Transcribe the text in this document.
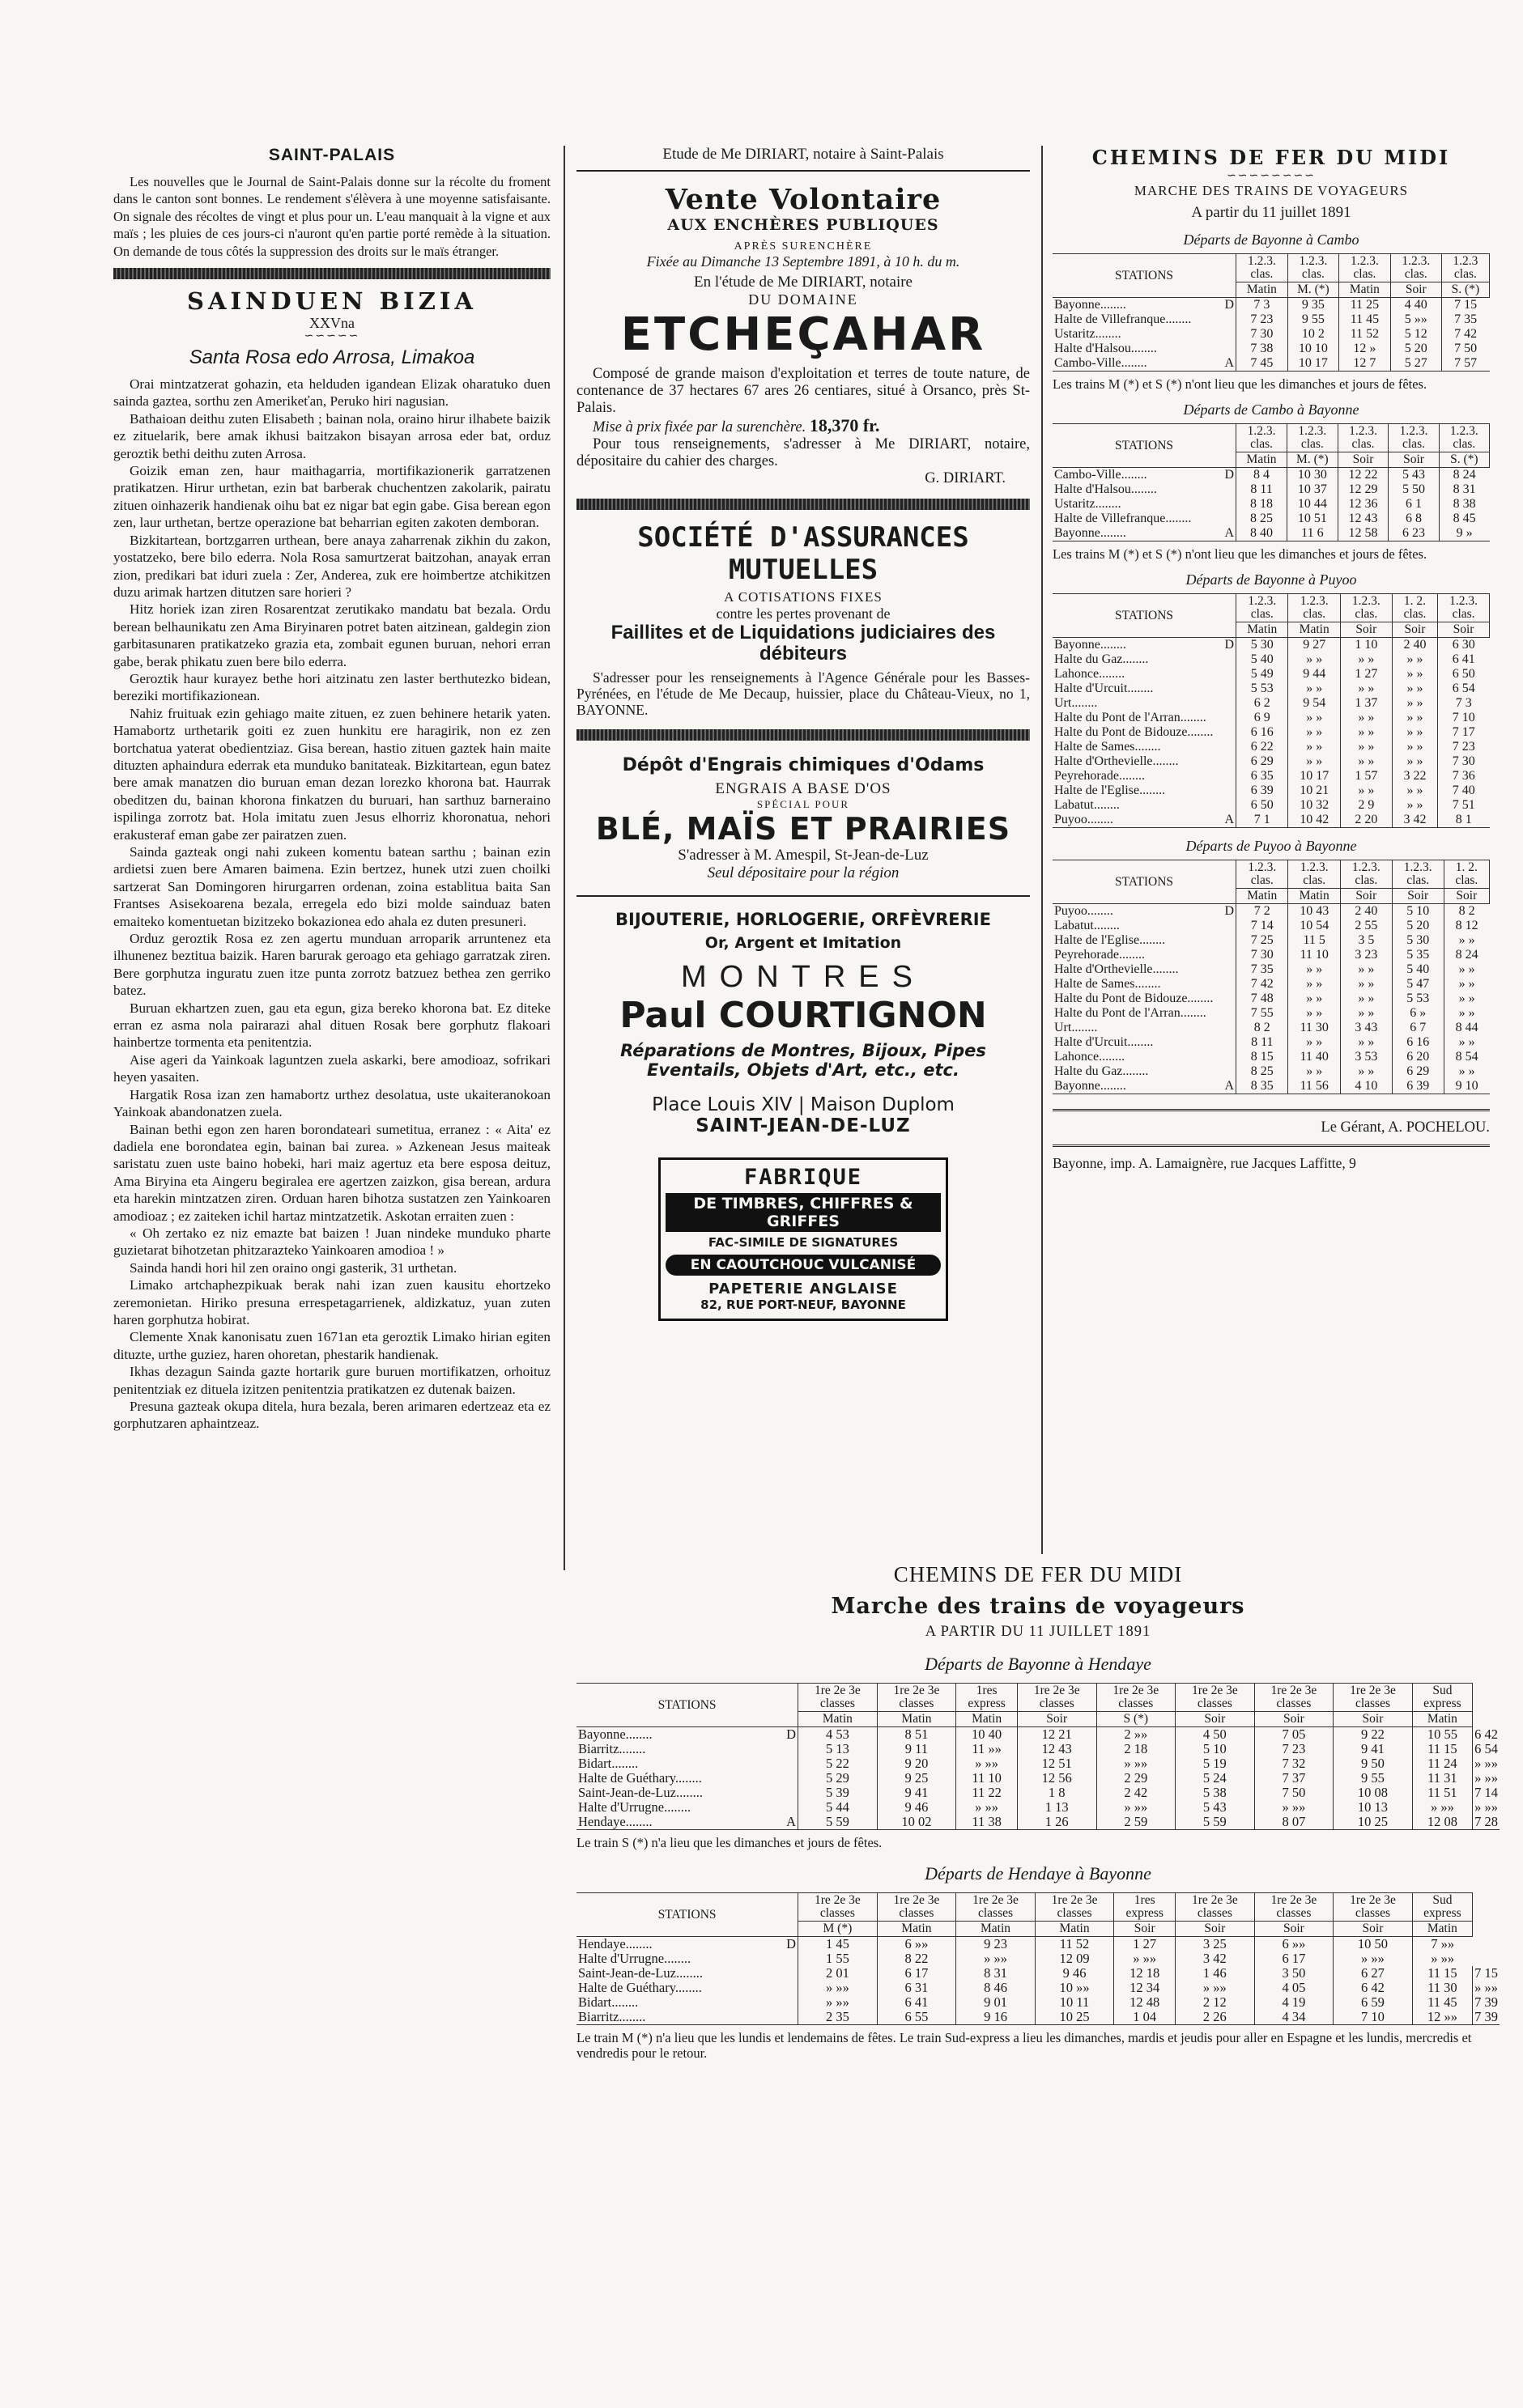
SAINT-PALAIS

Les nouvelles que le Journal de Saint-Palais donne sur la récolte du froment dans le canton sont bonnes. Le rendement s'élèvera à une moyenne satisfaisante. On signale des récoltes de vingt et plus pour un. L'eau manquait à la vigne et aux maïs ; les pluies de ces jours-ci n'auront qu'en partie porté remède à la situation. On demande de tous côtés la suppression des droits sur le maïs étranger.

SAINDUEN BIZIA
XXVna
∽∽∽∽∽
Santa Rosa edo Arrosa, Limakoa

Orai mintzatzerat gohazin, eta helduden igandean Elizak oharatuko duen sainda gaztea, sorthu zen Amerikeťan, Peruko hiri nagusian.

Bathaioan deithu zuten Elisabeth ; bainan nola, oraino hirur ilhabete baizik ez zituelarik, bere amak ikhusi baitzakon bisayan arrosa eder bat, orduz geroztik bethi deithu zuten Arrosa.

Goizik eman zen, haur maithagarria, mortifikazionerik garratzenen pratikatzen. Hirur urthetan, ezin bat barberak chuchentzen zakolarik, pairatu zituen oinhazerik handienak oihu bat ez nigar bat egin gabe. Gisa berean egon zen, laur urthetan, bertze operazione bat beharrian egiten zakoten demboran.

Bizkitartean, bortzgarren urthean, bere anaya zaharrenak zikhin du zakon, yostatzeko, bere bilo ederra. Nola Rosa samurtzerat baitzohan, anayak erran zion, predikari bat iduri zuela : Zer, Anderea, zuk ere hoimbertze atchikitzen duzu arimak hartzen ditutzen sare horieri ?

Hitz horiek izan ziren Rosarentzat zerutikako mandatu bat bezala. Ordu berean belhaunikatu zen Ama Biryinaren potret baten aitzinean, galdegin zion garbitasunaren pratikatzeko grazia eta, zombait egunen buruan, nehori erran gabe, berak phikatu zuen bere bilo ederra.

Geroztik haur kurayez bethe hori aitzinatu zen laster berthutezko bidean, bereziki mortifikazionean.

Nahiz fruituak ezin gehiago maite zituen, ez zuen behinere hetarik yaten. Hamabortz urthetarik goiti ez zuen hunkitu ere haragirik, non ez zen bortchatua yaterat obedientziaz. Gisa berean, hastio zituen gaztek hain maite dituzten aphaindura ederrak eta munduko banitateak. Bizkitartean, egun batez bere amak manatzen dio buruan eman dezan lorezko khorona bat. Haurrak obeditzen du, bainan khorona finkatzen du buruari, han sarthuz barneraino ispilinga zorrotz bat. Hola imitatu zuen Jesus elhorriz khoronatua, nehori erakusteraf eman gabe zer pairatzen zuen.

Sainda gazteak ongi nahi zukeen komentu batean sarthu ; bainan ezin ardietsi zuen bere Amaren baimena. Ezin bertzez, hunek utzi zuen choilki sartzerat San Domingoren hirurgarren ordenan, zoina establitua baita San Frantses Asisekoarena bezala, erregela edo bizi molde sainduaz baten emaiteko komentuetan bizitzeko bokazionea edo ahala ez duten presuneri.

Orduz geroztik Rosa ez zen agertu munduan arroparik arruntenez eta ilhunenez beztitua baizik. Haren barurak geroago eta gehiago garratzak ziren. Bere gorphutza inguratu zuen itze punta zorrotz batzuez bethea zen gerriko batez.

Buruan ekhartzen zuen, gau eta egun, giza bereko khorona bat. Ez diteke erran ez asma nola pairarazi ahal dituen Rosak bere gorphutz flakoari hainbertze tormenta eta penitentzia.

Aise ageri da Yainkoak laguntzen zuela askarki, bere amodioaz, sofrikari heyen yasaiten.

Hargatik Rosa izan zen hamabortz urthez desolatua, uste ukaiteranokoan Yainkoak abandonatzen zuela.

Bainan bethi egon zen haren borondateari sumetitua, erranez : « Aita' ez dadiela ene borondatea egin, bainan bai zurea. » Azkenean Jesus maiteak saristatu zuen uste baino hobeki, hari maiz agertuz eta bere esposa deituz, Ama Biryina eta Aingeru begiralea ere agertzen zaizkon, gisa berean, ardura eta harekin mintzatzen ziren. Orduan haren bihotza sustatzen zen Yainkoaren amodioaz ; ez zaiteken ichil hartaz mintzatzetik. Askotan erraiten zuen :

« Oh zertako ez niz emazte bat baizen ! Juan nindeke munduko pharte guzietarat bihotzetan phitzarazteko Yainkoaren amodioa ! »

Sainda handi hori hil zen oraino ongi gasterik, 31 urthetan.

Limako artchaphezpikuak berak nahi izan zuen kausitu ehortzeko zeremonietan. Hiriko presuna errespetagarrienek, aldizkatuz, yuan zuten haren gorphutza hobirat.

Clemente Xnak kanonisatu zuen 1671an eta geroztik Limako hirian egiten dituzte, urthe guziez, haren ohoretan, phestarik handienak.

Ikhas dezagun Sainda gazte hortarik gure buruen mortifikatzen, orhoituz penitentziak ez dituela izitzen penitentzia pratikatzen ez dutenak baizen.

Presuna gazteak okupa ditela, hura bezala, beren arimaren edertzeaz eta ez gorphutzaren aphaintzeaz.

Etude de Me DIRIART, notaire à Saint-Palais
Vente Volontaire
AUX ENCHÈRES PUBLIQUES
APRÈS SURENCHÈRE
Fixée au Dimanche 13 Septembre 1891, à 10 h. du m.
En l'étude de Me DIRIART, notaire
DU DOMAINE
ETCHEÇAHAR

Composé de grande maison d'exploitation et terres de toute nature, de contenance de 37 hectares 67 ares 26 centiares, situé à Orsanco, près St-Palais.

Mise à prix fixée par la surenchère. 18,370 fr.

Pour tous renseignements, s'adresser à Me DIRIART, notaire, dépositaire du cahier des charges.

G. DIRIART.
SOCIÉTÉ D'ASSURANCES MUTUELLES
A COTISATIONS FIXES
contre les pertes provenant de
Faillites et de Liquidations judiciaires des débiteurs

S'adresser pour les renseignements à l'Agence Générale pour les Basses-Pyrénées, en l'étude de Me Decaup, huissier, place du Château-Vieux, no 1, BAYONNE.

Dépôt d'Engrais chimiques d'Odams
ENGRAIS A BASE D'OS
SPÉCIAL POUR
BLÉ, MAÏS ET PRAIRIES
S'adresser à M. Amespil, St-Jean-de-Luz
Seul dépositaire pour la région
BIJOUTERIE, HORLOGERIE, ORFÈVRERIE
Or, Argent et Imitation
MONTRES
Paul COURTIGNON
Réparations de Montres, Bijoux, Pipes Eventails, Objets d'Art, etc., etc.
Place Louis XIV | Maison Duplom
SAINT-JEAN-DE-LUZ
FABRIQUE
DE TIMBRES, CHIFFRES & GRIFFES
FAC-SIMILE DE SIGNATURES
EN CAOUTCHOUC VULCANISÉ
PAPETERIE ANGLAISE
82, RUE PORT-NEUF, BAYONNE
CHEMINS DE FER DU MIDI
∽∽∽∽∽∽∽∽
MARCHE DES TRAINS DE VOYAGEURS
A partir du 11 juillet 1891
Départs de Bayonne à Cambo
STATIONS	1.2.3. clas.	1.2.3. clas.	1.2.3. clas.	1.2.3. clas.	1.2.3 clas.
	Matin	M. (*)	Matin	Soir	S. (*)
Bayonne........ D	7 3	9 35	11 25	4 40	7 15
Halte de Villefranque........	7 23	9 55	11 45	5 »»	7 35
Ustaritz........	7 30	10 2	11 52	5 12	7 42
Halte d'Halsou........	7 38	10 10	12 »	5 20	7 50
Cambo-Ville........ A	7 45	10 17	12 7	5 27	7 57
Les trains M (*) et S (*) n'ont lieu que les dimanches et jours de fêtes.
Départs de Cambo à Bayonne
STATIONS	1.2.3. clas.	1.2.3. clas.	1.2.3. clas.	1.2.3. clas.	1.2.3. clas.
	Matin	M. (*)	Soir	Soir	S. (*)
Cambo-Ville........ D	8 4	10 30	12 22	5 43	8 24
Halte d'Halsou........	8 11	10 37	12 29	5 50	8 31
Ustaritz........	8 18	10 44	12 36	6 1	8 38
Halte de Villefranque........	8 25	10 51	12 43	6 8	8 45
Bayonne........ A	8 40	11 6	12 58	6 23	9 »
Les trains M (*) et S (*) n'ont lieu que les dimanches et jours de fêtes.
Départs de Bayonne à Puyoo
STATIONS	1.2.3. clas.	1.2.3. clas.	1.2.3. clas.	1. 2. clas.	1.2.3. clas.
	Matin	Matin	Soir	Soir	Soir
Bayonne........ D	5 30	9 27	1 10	2 40	6 30
Halte du Gaz........	5 40	» »	» »	» »	6 41
Lahonce........	5 49	9 44	1 27	» »	6 50
Halte d'Urcuit........	5 53	» »	» »	» »	6 54
Urt........	6 2	9 54	1 37	» »	7 3
Halte du Pont de l'Arran........	6 9	» »	» »	» »	7 10
Halte du Pont de Bidouze........	6 16	» »	» »	» »	7 17
Halte de Sames........	6 22	» »	» »	» »	7 23
Halte d'Orthevielle........	6 29	» »	» »	» »	7 30
Peyrehorade........	6 35	10 17	1 57	3 22	7 36
Halte de l'Eglise........	6 39	10 21	» »	» »	7 40
Labatut........	6 50	10 32	2 9	» »	7 51
Puyoo........ A	7 1	10 42	2 20	3 42	8 1
Départs de Puyoo à Bayonne
STATIONS	1.2.3. clas.	1.2.3. clas.	1.2.3. clas.	1.2.3. clas.	1. 2. clas.
	Matin	Matin	Soir	Soir	Soir
Puyoo........ D	7 2	10 43	2 40	5 10	8 2
Labatut........	7 14	10 54	2 55	5 20	8 12
Halte de l'Eglise........	7 25	11 5	3 5	5 30	» »
Peyrehorade........	7 30	11 10	3 23	5 35	8 24
Halte d'Orthevielle........	7 35	» »	» »	5 40	» »
Halte de Sames........	7 42	» »	» »	5 47	» »
Halte du Pont de Bidouze........	7 48	» »	» »	5 53	» »
Halte du Pont de l'Arran........	7 55	» »	» »	6 »	» »
Urt........	8 2	11 30	3 43	6 7	8 44
Halte d'Urcuit........	8 11	» »	» »	6 16	» »
Lahonce........	8 15	11 40	3 53	6 20	8 54
Halte du Gaz........	8 25	» »	» »	6 29	» »
Bayonne........ A	8 35	11 56	4 10	6 39	9 10
Le Gérant, A. POCHELOU.
Bayonne, imp. A. Lamaignère, rue Jacques Laffitte, 9
CHEMINS DE FER DU MIDI
Marche des trains de voyageurs
A PARTIR DU 11 JUILLET 1891
Départs de Bayonne à Hendaye
STATIONS	1re 2e 3e classes	1re 2e 3e classes	1res express	1re 2e 3e classes	1re 2e 3e classes	1re 2e 3e classes	1re 2e 3e classes	1re 2e 3e classes	Sud express	
	Matin	Matin	Matin	Soir	S (*)	Soir	Soir	Soir	Matin	
Bayonne........ D	4 53	8 51	10 40	12 21	2 »»	4 50	7 05	9 22	10 55	6 42
Biarritz........	5 13	9 11	11 »»	12 43	2 18	5 10	7 23	9 41	11 15	6 54
Bidart........	5 22	9 20	» »»	12 51	» »»	5 19	7 32	9 50	11 24	» »»
Halte de Guéthary........	5 29	9 25	11 10	12 56	2 29	5 24	7 37	9 55	11 31	» »»
Saint-Jean-de-Luz........	5 39	9 41	11 22	1 8	2 42	5 38	7 50	10 08	11 51	7 14
Halte d'Urrugne........	5 44	9 46	» »»	1 13	» »»	5 43	» »»	10 13	» »»	» »»
Hendaye........ A	5 59	10 02	11 38	1 26	2 59	5 59	8 07	10 25	12 08	7 28
Le train S (*) n'a lieu que les dimanches et jours de fêtes.
Départs de Hendaye à Bayonne
STATIONS	1re 2e 3e classes	1re 2e 3e classes	1re 2e 3e classes	1re 2e 3e classes	1res express	1re 2e 3e classes	1re 2e 3e classes	1re 2e 3e classes	Sud express	
	M (*)	Matin	Matin	Matin	Soir	Soir	Soir	Soir	Matin	
Hendaye........ D	1 45	6 »»	9 23	11 52	1 27	3 25	6 »»	10 50	7 »»	
Halte d'Urrugne........	1 55	8 22	» »»	12 09	» »»	3 42	6 17	» »»	» »»	
Saint-Jean-de-Luz........	2 01	6 17	8 31	9 46	12 18	1 46	3 50	6 27	11 15	7 15
Halte de Guéthary........	» »»	6 31	8 46	10 »»	12 34	» »»	4 05	6 42	11 30	» »»
Bidart........	» »»	6 41	9 01	10 11	12 48	2 12	4 19	6 59	11 45	7 39
Biarritz........	2 35	6 55	9 16	10 25	1 04	2 26	4 34	7 10	12 »»	7 39
Le train M (*) n'a lieu que les lundis et lendemains de fêtes. Le train Sud-express a lieu les dimanches, mardis et jeudis pour aller en Espagne et les lundis, mercredis et vendredis pour le retour.
